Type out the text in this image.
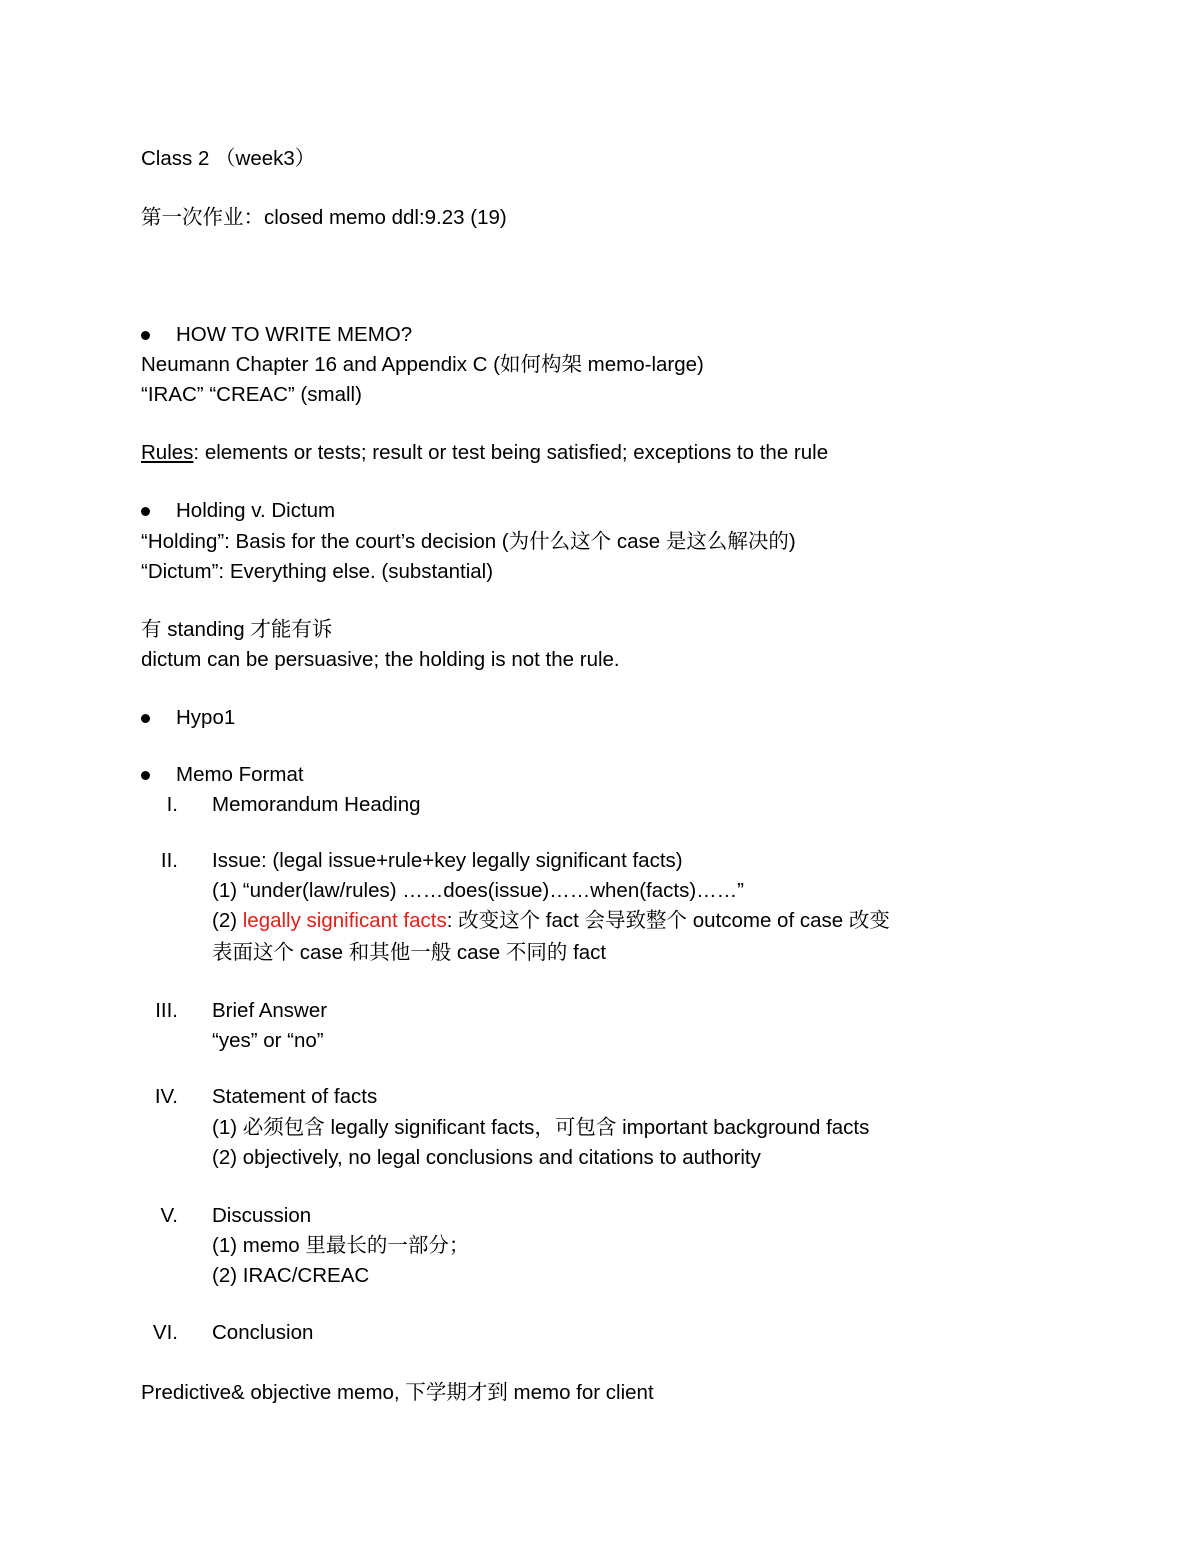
Class 2 （week3）
第一次作业：closed memo ddl:9.23 (19)
HOW TO WRITE MEMO?
Neumann Chapter 16 and Appendix C (如何构架 memo-large)
“IRAC” “CREAC” (small)
Rules: elements or tests; result or test being satisfied; exceptions to the rule
Holding v. Dictum
“Holding”: Basis for the court’s decision (为什么这个 case 是这么解决的)
“Dictum”: Everything else. (substantial)
有 standing 才能有诉
dictum can be persuasive; the holding is not the rule.
Hypo1
Memo Format
I. Memorandum Heading
II. Issue: (legal issue+rule+key legally significant facts)
(1) “under(law/rules) ……does(issue)……when(facts)……”
(2) legally significant facts: 改变这个 fact 会导致整个 outcome of case 改变
表面这个 case 和其他一般 case 不同的 fact
III. Brief Answer
“yes” or “no”
IV. Statement of facts
(1) 必须包含 legally significant facts，可包含 important background facts
(2) objectively, no legal conclusions and citations to authority
V. Discussion
(1) memo 里最长的一部分；
(2) IRAC/CREAC
VI. Conclusion
Predictive& objective memo, 下学期才到 memo for client
